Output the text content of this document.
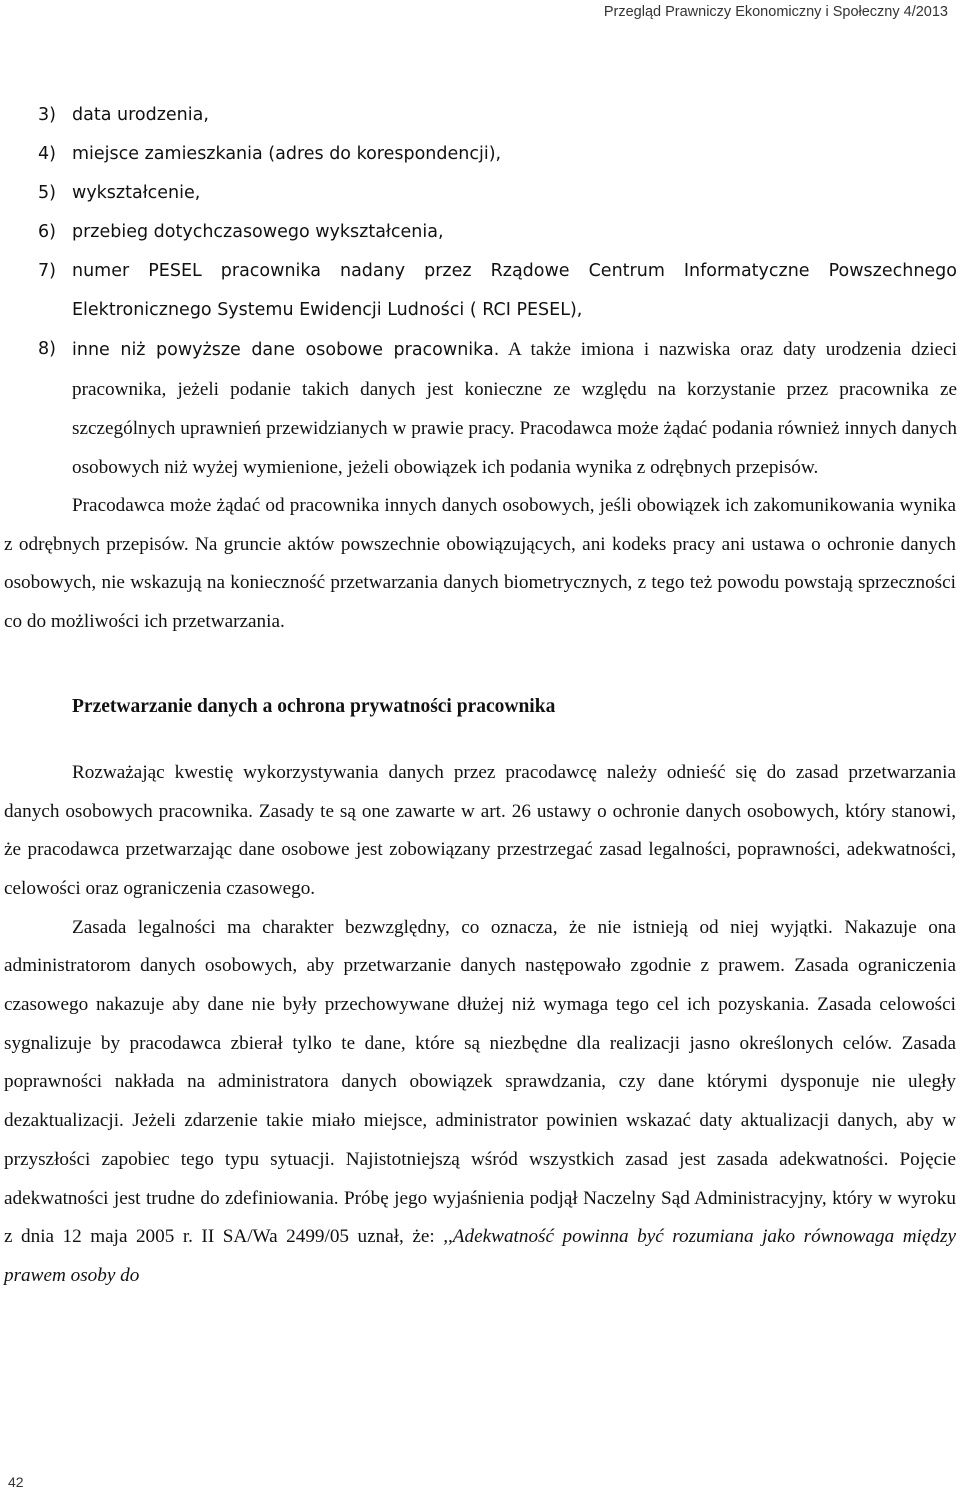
Przegląd Prawniczy Ekonomiczny i Społeczny 4/2013
3) data urodzenia,
4) miejsce zamieszkania (adres do korespondencji),
5) wykształcenie,
6) przebieg dotychczasowego wykształcenia,
7) numer PESEL pracownika nadany przez Rządowe Centrum Informatyczne Powszechnego Elektronicznego Systemu Ewidencji Ludności ( RCI PESEL),
8) inne niż powyższe dane osobowe pracownika. A także imiona i nazwiska oraz daty urodzenia dzieci pracownika, jeżeli podanie takich danych jest konieczne ze względu na korzystanie przez pracownika ze szczególnych uprawnień przewidzianych w prawie pracy. Pracodawca może żądać podania również innych danych osobowych niż wyżej wymienione, jeżeli obowiązek ich podania wynika z odrębnych przepisów.
Pracodawca może żądać od pracownika innych danych osobowych, jeśli obowiązek ich zakomunikowania wynika z odrębnych przepisów. Na gruncie aktów powszechnie obowiązujących, ani kodeks pracy ani ustawa o ochronie danych osobowych, nie wskazują na konieczność przetwarzania danych biometrycznych, z tego też powodu powstają sprzeczności co do możliwości ich przetwarzania.
Przetwarzanie danych a ochrona prywatności pracownika
Rozważając kwestię wykorzystywania danych przez pracodawcę należy odnieść się do zasad przetwarzania danych osobowych pracownika. Zasady te są one zawarte w art. 26 ustawy o ochronie danych osobowych, który stanowi, że pracodawca przetwarzając dane osobowe jest zobowiązany przestrzegać zasad legalności, poprawności, adekwatności, celowości oraz ograniczenia czasowego.
Zasada legalności ma charakter bezwzględny, co oznacza, że nie istnieją od niej wyjątki. Nakazuje ona administratorom danych osobowych, aby przetwarzanie danych następowało zgodnie z prawem. Zasada ograniczenia czasowego nakazuje aby dane nie były przechowywane dłużej niż wymaga tego cel ich pozyskania. Zasada celowości sygnalizuje by pracodawca zbierał tylko te dane, które są niezbędne dla realizacji jasno określonych celów. Zasada poprawności nakłada na administratora danych obowiązek sprawdzania, czy dane którymi dysponuje nie uległy dezaktualizacji. Jeżeli zdarzenie takie miało miejsce, administrator powinien wskazać daty aktualizacji danych, aby w przyszłości zapobiec tego typu sytuacji. Najistotniejszą wśród wszystkich zasad jest zasada adekwatności. Pojęcie adekwatności jest trudne do zdefiniowania. Próbę jego wyjaśnienia podjął Naczelny Sąd Administracyjny, który w wyroku z dnia 12 maja 2005 r. II SA/Wa 2499/05 uznał, że: ,,Adekwatność powinna być rozumiana jako równowaga między prawem osoby do
42
